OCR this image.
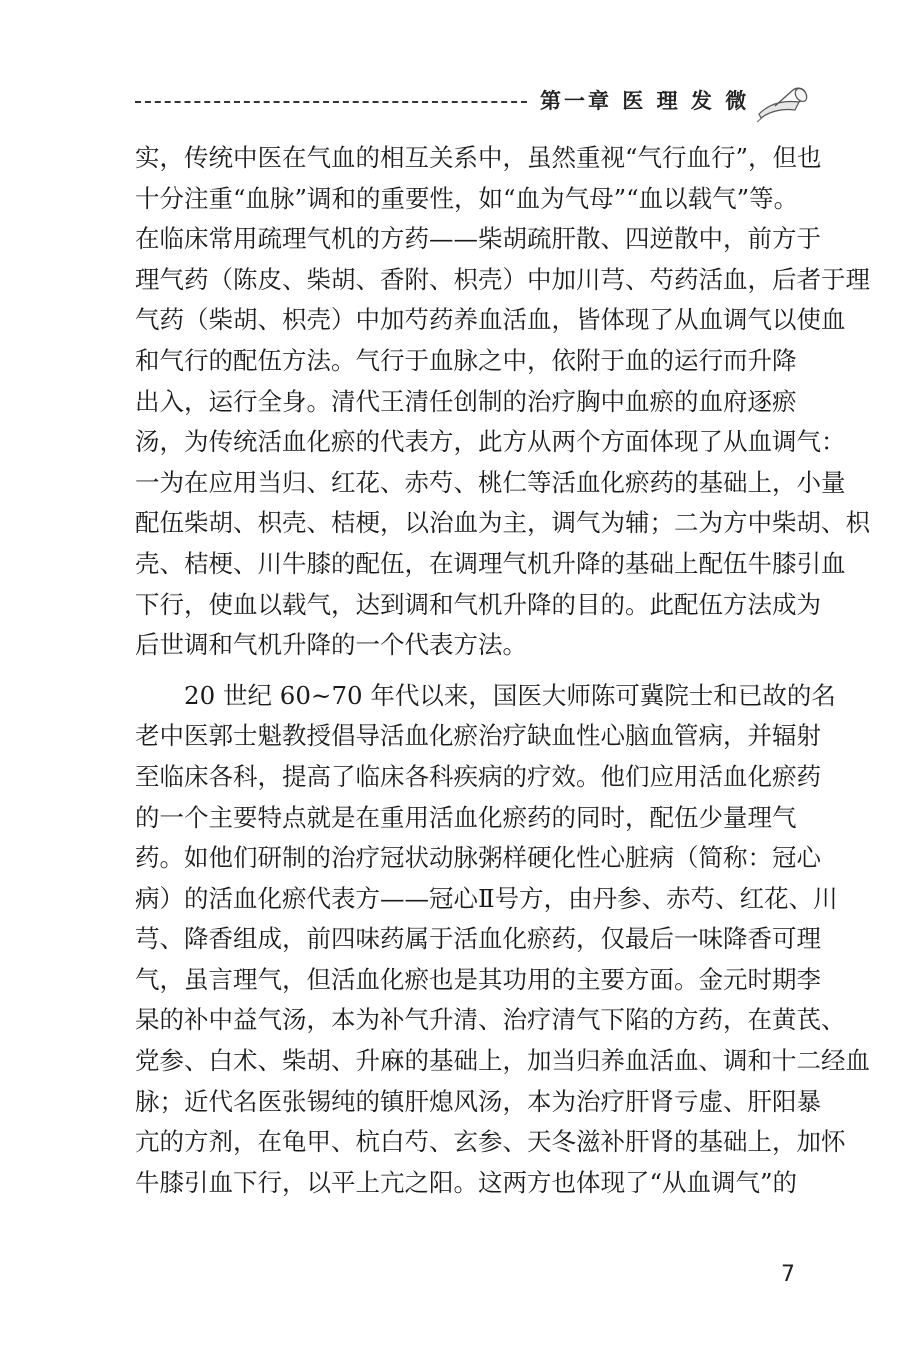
第一章 医 理 发 微
实，传统中医在气血的相互关系中，虽然重视“气行血行”，但也
十分注重“血脉”调和的重要性，如“血为气母”“血以载气”等。
在临床常用疏理气机的方药——柴胡疏肝散、四逆散中，前方于
理气药（陈皮、柴胡、香附、枳壳）中加川芎、芍药活血，后者于理
气药（柴胡、枳壳）中加芍药养血活血，皆体现了从血调气以使血
和气行的配伍方法。气行于血脉之中，依附于血的运行而升降
出入，运行全身。清代王清任创制的治疗胸中血瘀的血府逐瘀
汤，为传统活血化瘀的代表方，此方从两个方面体现了从血调气：
一为在应用当归、红花、赤芍、桃仁等活血化瘀药的基础上，小量
配伍柴胡、枳壳、桔梗，以治血为主，调气为辅；二为方中柴胡、枳
壳、桔梗、川牛膝的配伍，在调理气机升降的基础上配伍牛膝引血
下行，使血以载气，达到调和气机升降的目的。此配伍方法成为
后世调和气机升降的一个代表方法。
20 世纪 60~70 年代以来，国医大师陈可冀院士和已故的名
老中医郭士魁教授倡导活血化瘀治疗缺血性心脑血管病，并辐射
至临床各科，提高了临床各科疾病的疗效。他们应用活血化瘀药
的一个主要特点就是在重用活血化瘀药的同时，配伍少量理气
药。如他们研制的治疗冠状动脉粥样硬化性心脏病（简称：冠心
病）的活血化瘀代表方——冠心Ⅱ号方，由丹参、赤芍、红花、川
芎、降香组成，前四味药属于活血化瘀药，仅最后一味降香可理
气，虽言理气，但活血化瘀也是其功用的主要方面。金元时期李
杲的补中益气汤，本为补气升清、治疗清气下陷的方药，在黄芪、
党参、白术、柴胡、升麻的基础上，加当归养血活血、调和十二经血
脉；近代名医张锡纯的镇肝熄风汤，本为治疗肝肾亏虚、肝阳暴
亢的方剂，在龟甲、杭白芍、玄参、天冬滋补肝肾的基础上，加怀
牛膝引血下行，以平上亢之阳。这两方也体现了“从血调气”的
7
